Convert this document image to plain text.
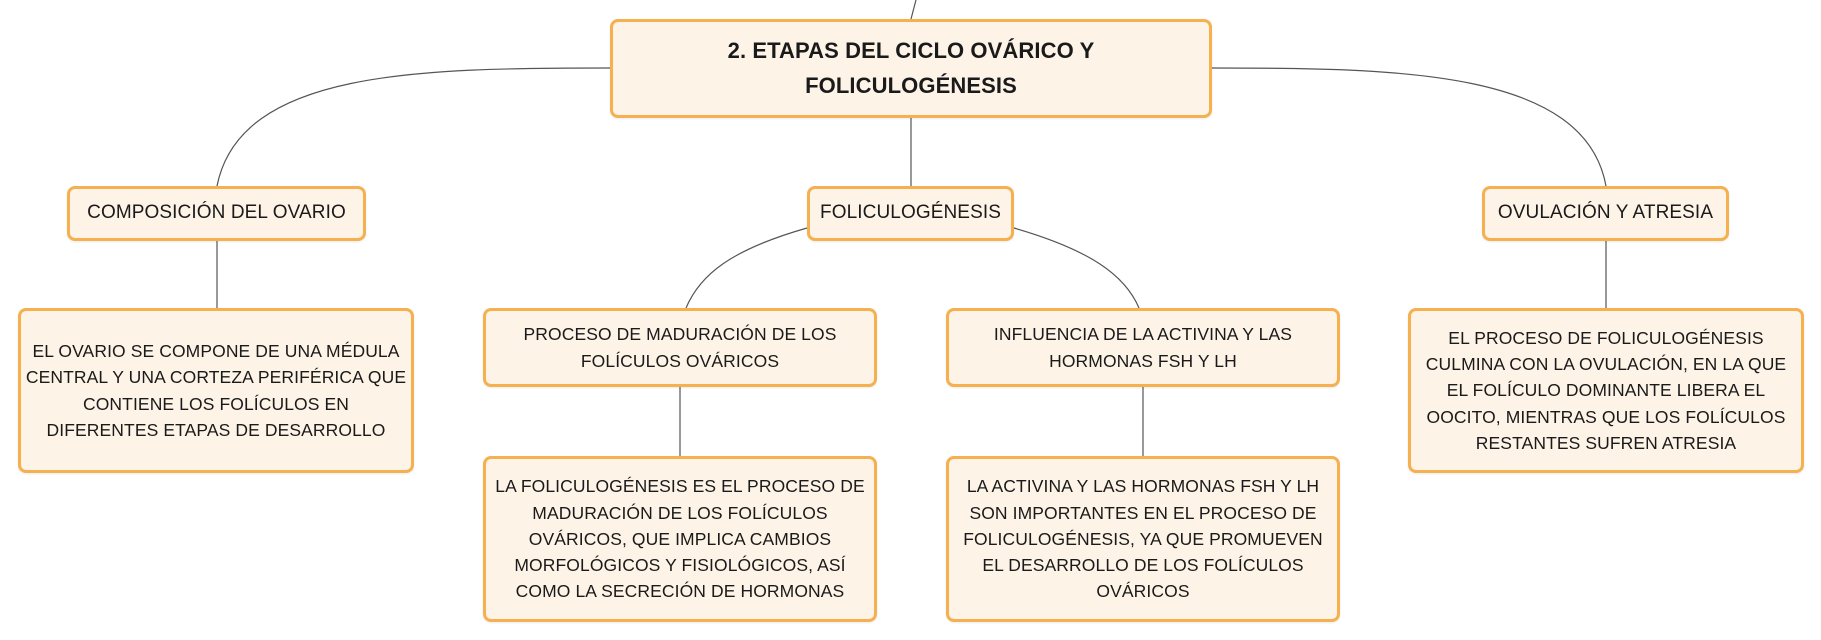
2. ETAPAS DEL CICLO OVÁRICO Y FOLICULOGÉNESIS
COMPOSICIÓN DEL OVARIO	FOLICULOGÉNESIS	OVULACIÓN Y ATRESIA
PROCESO DE MADURACIÓN DE LOS FOLÍCULOS OVÁRICOS
INFLUENCIA DE LA ACTIVINA Y LAS HORMONAS FSH Y LH
EL OVARIO SE COMPONE DE UNA MÉDULA CENTRAL Y UNA CORTEZA PERIFÉRICA QUE CONTIENE LOS FOLÍCULOS EN DIFERENTES ETAPAS DE DESARROLLO
EL PROCESO DE FOLICULOGÉNESIS CULMINA CON LA OVULACIÓN, EN LA QUE EL FOLÍCULO DOMINANTE LIBERA EL OOCITO, MIENTRAS QUE LOS FOLÍCULOS RESTANTES SUFREN ATRESIA
LA FOLICULOGÉNESIS ES EL PROCESO DE MADURACIÓN DE LOS FOLÍCULOS OVÁRICOS, QUE IMPLICA CAMBIOS MORFOLÓGICOS Y FISIOLÓGICOS, ASÍ COMO LA SECRECIÓN DE HORMONAS
LA ACTIVINA Y LAS HORMONAS FSH Y LH SON IMPORTANTES EN EL PROCESO DE FOLICULOGÉNESIS, YA QUE PROMUEVEN EL DESARROLLO DE LOS FOLÍCULOS OVÁRICOS
